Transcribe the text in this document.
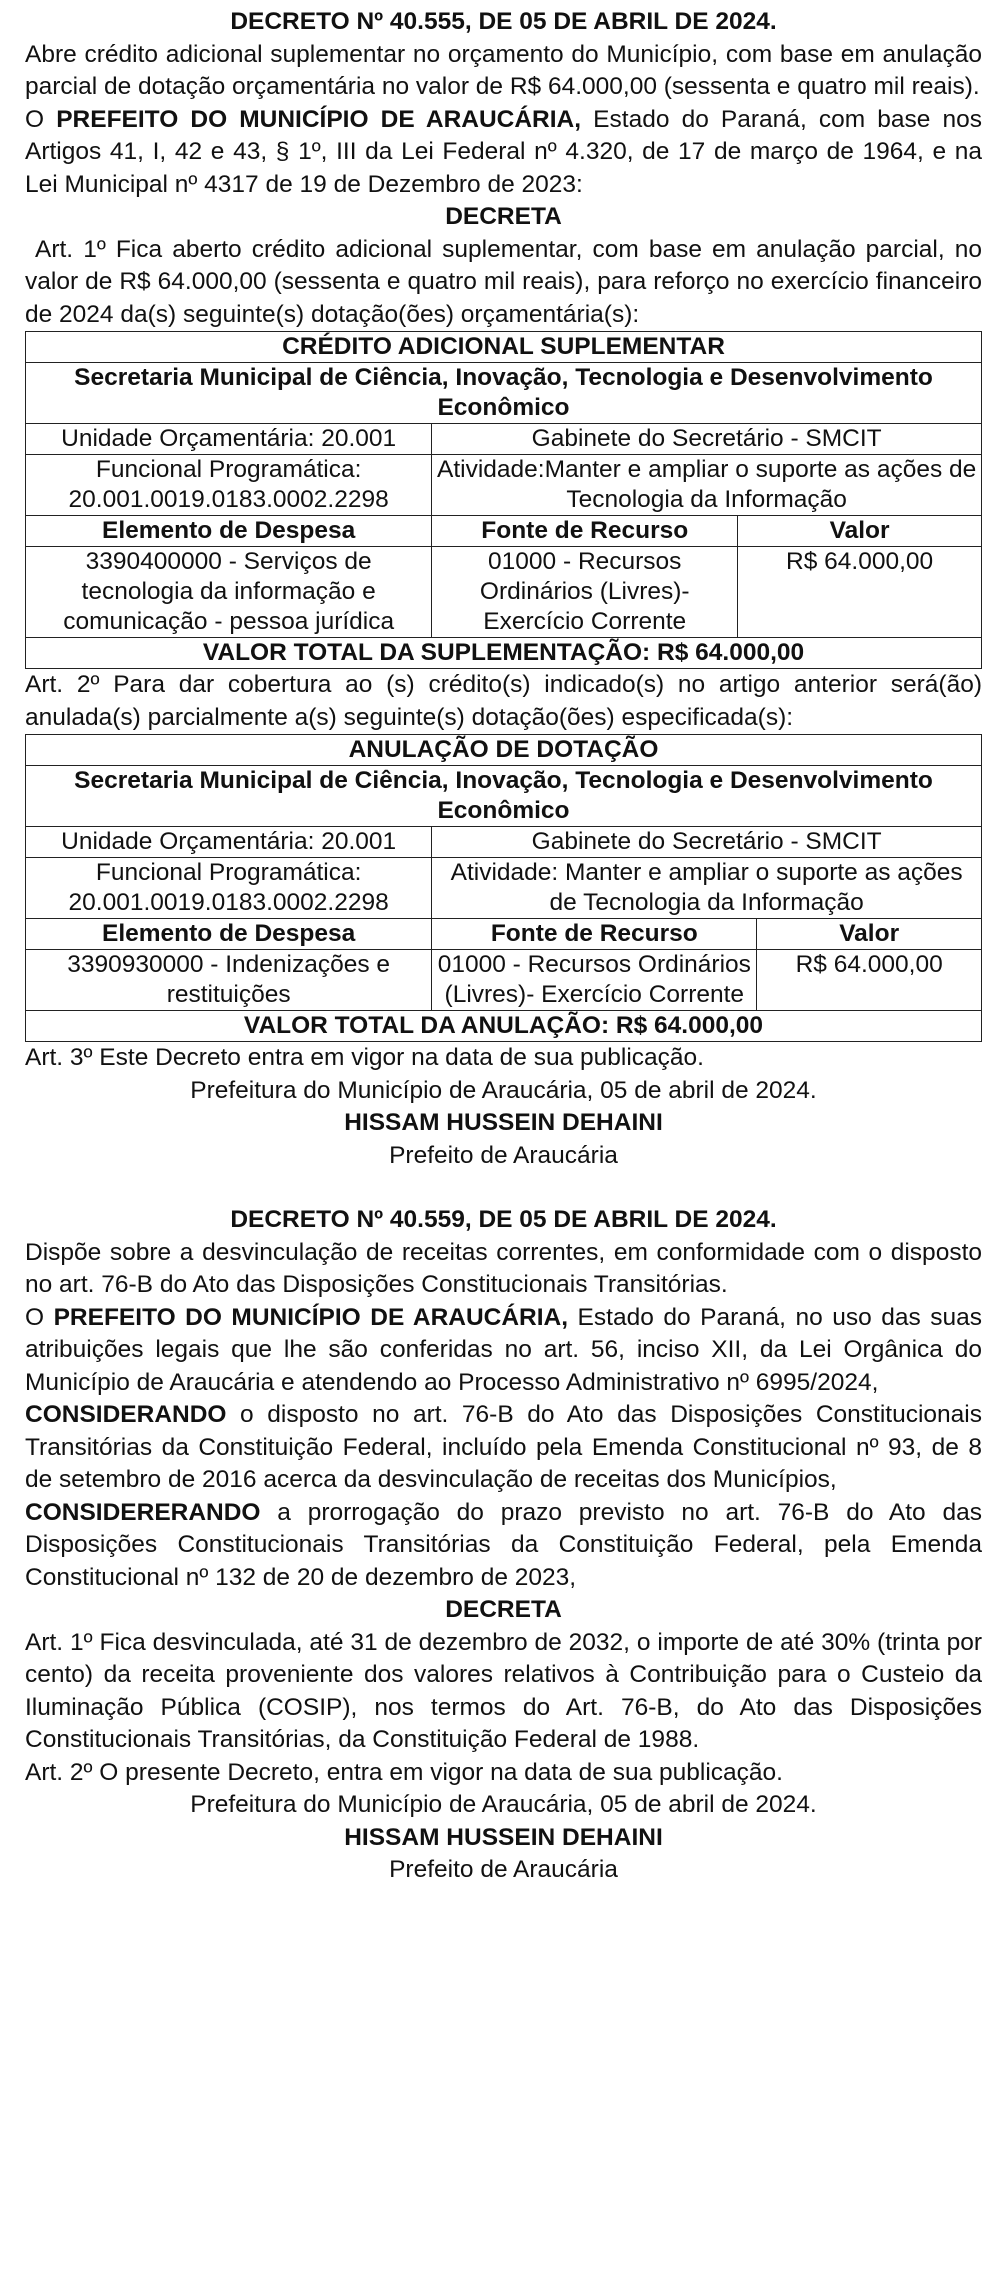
DECRETO Nº 40.555, DE 05 DE ABRIL DE 2024.

Abre crédito adicional suplementar no orçamento do Município, com base em anulação parcial de dotação orçamentária no valor de R$ 64.000,00 (sessenta e quatro mil reais).

O PREFEITO DO MUNICÍPIO DE ARAUCÁRIA, Estado do Paraná, com base nos Artigos 41, I, 42 e 43, § 1º, III da Lei Federal nº 4.320, de 17 de março de 1964, e na Lei Municipal nº 4317 de 19 de Dezembro de 2023:

DECRETA

Art. 1º Fica aberto crédito adicional suplementar, com base em anulação parcial, no valor de R$ 64.000,00 (sessenta e quatro mil reais), para reforço no exercício financeiro de 2024 da(s) seguinte(s) dotação(ões) orçamentária(s):

CRÉDITO ADICIONAL SUPLEMENTAR		
Secretaria Municipal de Ciência, Inovação, Tecnologia e Desenvolvimento Econômico		
Unidade Orçamentária: 20.001	Gabinete do Secretário - SMCIT	
Funcional Programática: 20.001.0019.0183.0002.2298	Atividade:Manter e ampliar o suporte as ações de Tecnologia da Informação	
Elemento de Despesa	Fonte de Recurso	Valor
3390400000 - Serviços de tecnologia da informação e comunicação - pessoa jurídica	01000 - Recursos Ordinários (Livres)- Exercício Corrente	R$ 64.000,00
VALOR TOTAL DA SUPLEMENTAÇÃO: R$ 64.000,00		

Art. 2º Para dar cobertura ao (s) crédito(s) indicado(s) no artigo anterior será(ão) anulada(s) parcialmente a(s) seguinte(s) dotação(ões) especificada(s):

ANULAÇÃO DE DOTAÇÃO		
Secretaria Municipal de Ciência, Inovação, Tecnologia e Desenvolvimento Econômico		
Unidade Orçamentária: 20.001	Gabinete do Secretário - SMCIT	
Funcional Programática: 20.001.0019.0183.0002.2298	Atividade: Manter e ampliar o suporte as ações de Tecnologia da Informação	
Elemento de Despesa	Fonte de Recurso	Valor
3390930000 - Indenizações e restituições	01000 - Recursos Ordinários (Livres)- Exercício Corrente	R$ 64.000,00
VALOR TOTAL DA ANULAÇÃO: R$ 64.000,00		

Art. 3º Este Decreto entra em vigor na data de sua publicação.

Prefeitura do Município de Araucária, 05 de abril de 2024.

HISSAM HUSSEIN DEHAINI

Prefeito de Araucária

DECRETO Nº 40.559, DE 05 DE ABRIL DE 2024.

Dispõe sobre a desvinculação de receitas correntes, em conformidade com o disposto no art. 76-B do Ato das Disposições Constitucionais Transitórias.

O PREFEITO DO MUNICÍPIO DE ARAUCÁRIA, Estado do Paraná, no uso das suas atribuições legais que lhe são conferidas no art. 56, inciso XII, da Lei Orgânica do Município de Araucária e atendendo ao Processo Administrativo nº 6995/2024,

CONSIDERANDO o disposto no art. 76-B do Ato das Disposições Constitucionais Transitórias da Constituição Federal, incluído pela Emenda Constitucional nº 93, de 8 de setembro de 2016 acerca da desvinculação de receitas dos Municípios,

CONSIDERERANDO a prorrogação do prazo previsto no art. 76-B do Ato das Disposições Constitucionais Transitórias da Constituição Federal, pela Emenda Constitucional nº 132 de 20 de dezembro de 2023,

DECRETA

Art. 1º Fica desvinculada, até 31 de dezembro de 2032, o importe de até 30% (trinta por cento) da receita proveniente dos valores relativos à Contribuição para o Custeio da Iluminação Pública (COSIP), nos termos do Art. 76-B, do Ato das Disposições Constitucionais Transitórias, da Constituição Federal de 1988.

Art. 2º O presente Decreto, entra em vigor na data de sua publicação.

Prefeitura do Município de Araucária, 05 de abril de 2024.

HISSAM HUSSEIN DEHAINI

Prefeito de Araucária
